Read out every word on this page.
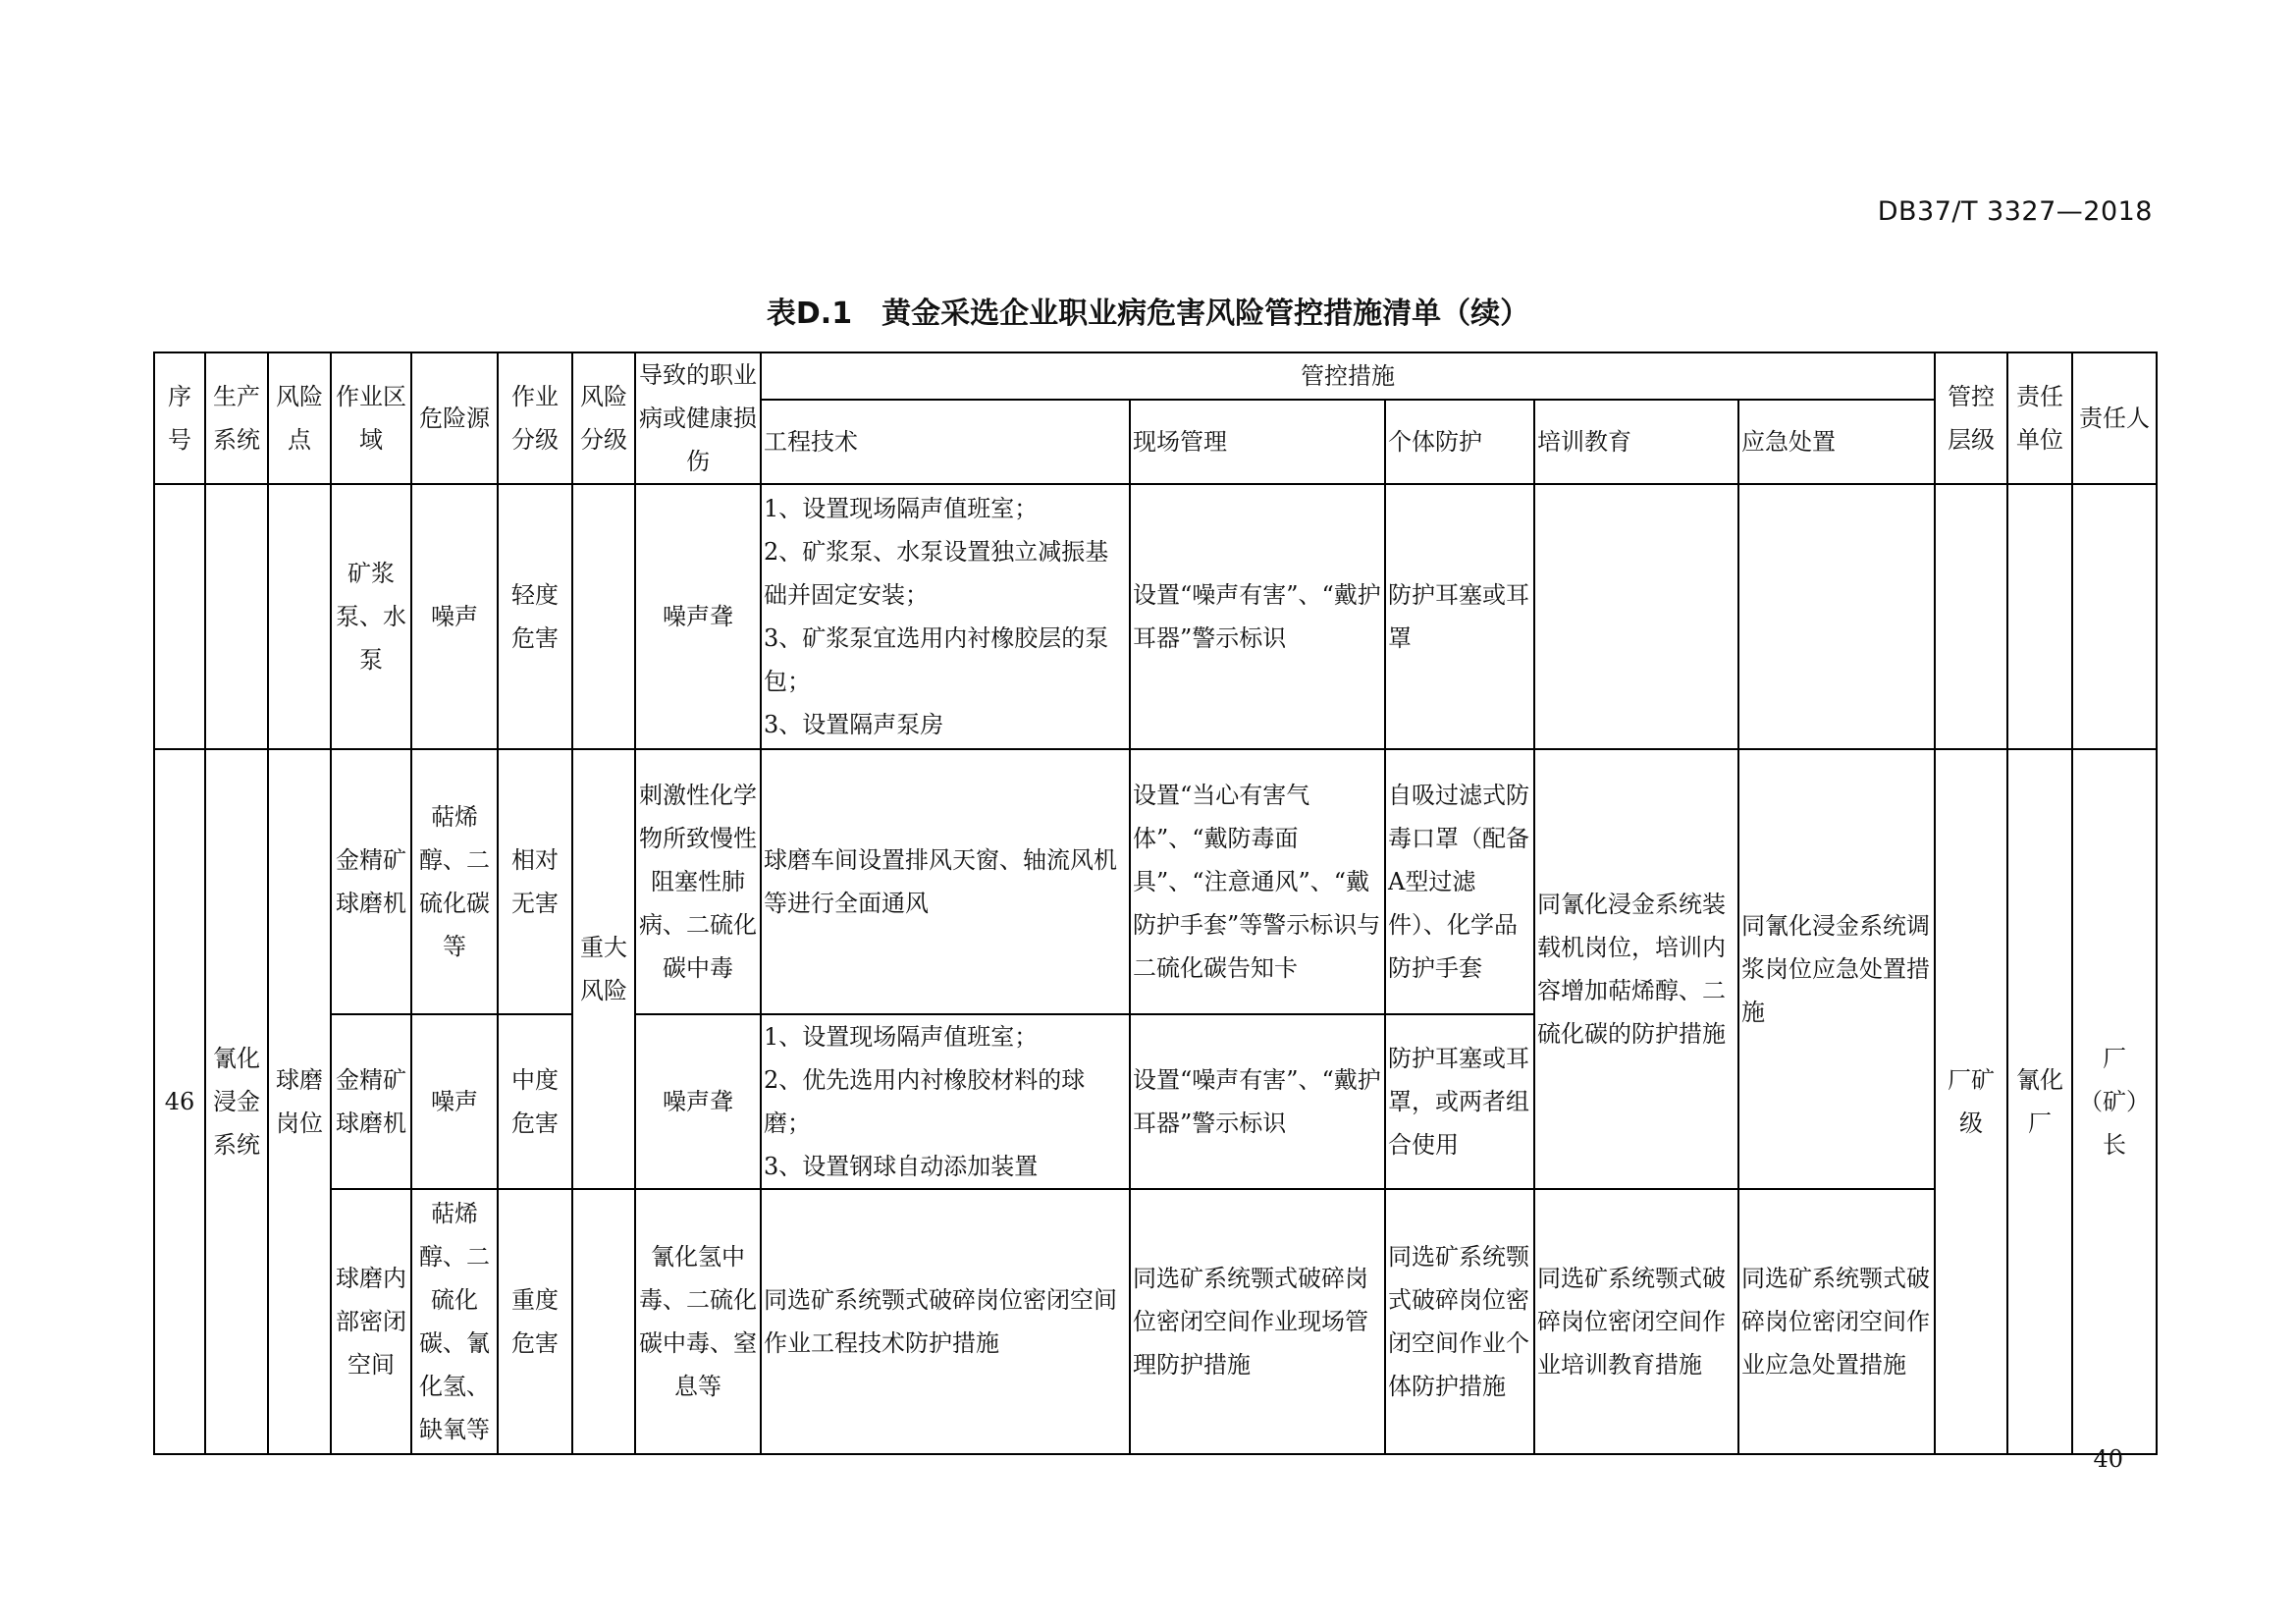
DB37/T 3327—2018
表D.1　黄金采选企业职业病危害风险管控措施清单（续）
序号	生产系统	风险点	作业区域	危险源	作业分级	风险分级	导致的职业病或健康损伤	管控措施					管控层级	责任单位	责任人
								工程技术	现场管理	个体防护	培训教育	应急处置			
			矿浆泵、水泵	噪声	轻度危害		噪声聋	1、设置现场隔声值班室；
2、矿浆泵、水泵设置独立减振基础并固定安装；
3、矿浆泵宜选用内衬橡胶层的泵包；
3、设置隔声泵房	设置“噪声有害”、“戴护耳器”警示标识	防护耳塞或耳罩					
46	氰化浸金系统	球磨岗位	金精矿球磨机	萜烯醇、二硫化碳等	相对无害	重大风险	刺激性化学物所致慢性阻塞性肺病、二硫化碳中毒	球磨车间设置排风天窗、轴流风机等进行全面通风	设置“当心有害气体”、“戴防毒面具”、“注意通风”、“戴防护手套”等警示标识与二硫化碳告知卡	自吸过滤式防毒口罩（配备A型过滤件）、化学品防护手套	同氰化浸金系统装载机岗位，培训内容增加萜烯醇、二硫化碳的防护措施	同氰化浸金系统调浆岗位应急处置措施	厂矿级	氰化厂	厂（矿）长
			金精矿球磨机	噪声	中度危害		噪声聋	1、设置现场隔声值班室；
2、优先选用内衬橡胶材料的球磨；
3、设置钢球自动添加装置	设置“噪声有害”、“戴护耳器”警示标识	防护耳塞或耳罩，或两者组合使用					
			球磨内部密闭空间	萜烯醇、二硫化碳、氰化氢、缺氧等	重度危害		氰化氢中毒、二硫化碳中毒、窒息等	同选矿系统颚式破碎岗位密闭空间作业工程技术防护措施	同选矿系统颚式破碎岗位密闭空间作业现场管理防护措施	同选矿系统颚式破碎岗位密闭空间作业个体防护措施	同选矿系统颚式破碎岗位密闭空间作业培训教育措施	同选矿系统颚式破碎岗位密闭空间作业应急处置措施			
40
